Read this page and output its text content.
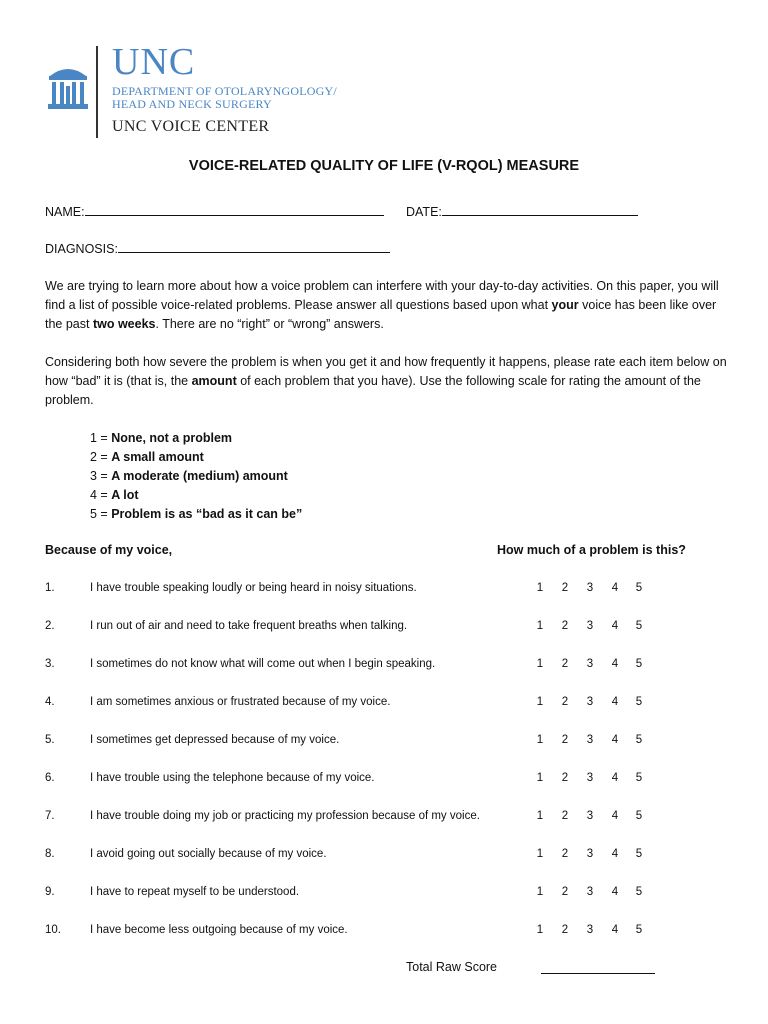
UNC
DEPARTMENT OF OTOLARYNGOLOGY/
HEAD AND NECK SURGERY
UNC VOICE CENTER
VOICE-RELATED QUALITY OF LIFE (V-RQOL) MEASURE
NAME:	DATE:
DIAGNOSIS:
We are trying to learn more about how a voice problem can interfere with your day-to-day activities. On this paper, you will find a list of possible voice-related problems. Please answer all questions based upon what your voice has been like over the past two weeks. There are no “right” or “wrong” answers.
Considering both how severe the problem is when you get it and how frequently it happens, please rate each item below on how “bad” it is (that is, the amount of each problem that you have). Use the following scale for rating the amount of the problem.
1 = None, not a problem
2 = A small amount
3 = A moderate (medium) amount
4 = A lot
5 = Problem is as “bad as it can be”
Because of my voice,	How much of a problem is this?
1.	I have trouble speaking loudly or being heard in noisy situations.	1 2 3 4 5
2.	I run out of air and need to take frequent breaths when talking.	1 2 3 4 5
3.	I sometimes do not know what will come out when I begin speaking.	1 2 3 4 5
4.	I am sometimes anxious or frustrated because of my voice.	1 2 3 4 5
5.	I sometimes get depressed because of my voice.	1 2 3 4 5
6.	I have trouble using the telephone because of my voice.	1 2 3 4 5
7.	I have trouble doing my job or practicing my profession because of my voice.	1 2 3 4 5
8.	I avoid going out socially because of my voice.	1 2 3 4 5
9.	I have to repeat myself to be understood.	1 2 3 4 5
10.	I have become less outgoing because of my voice.	1 2 3 4 5
Total Raw Score
